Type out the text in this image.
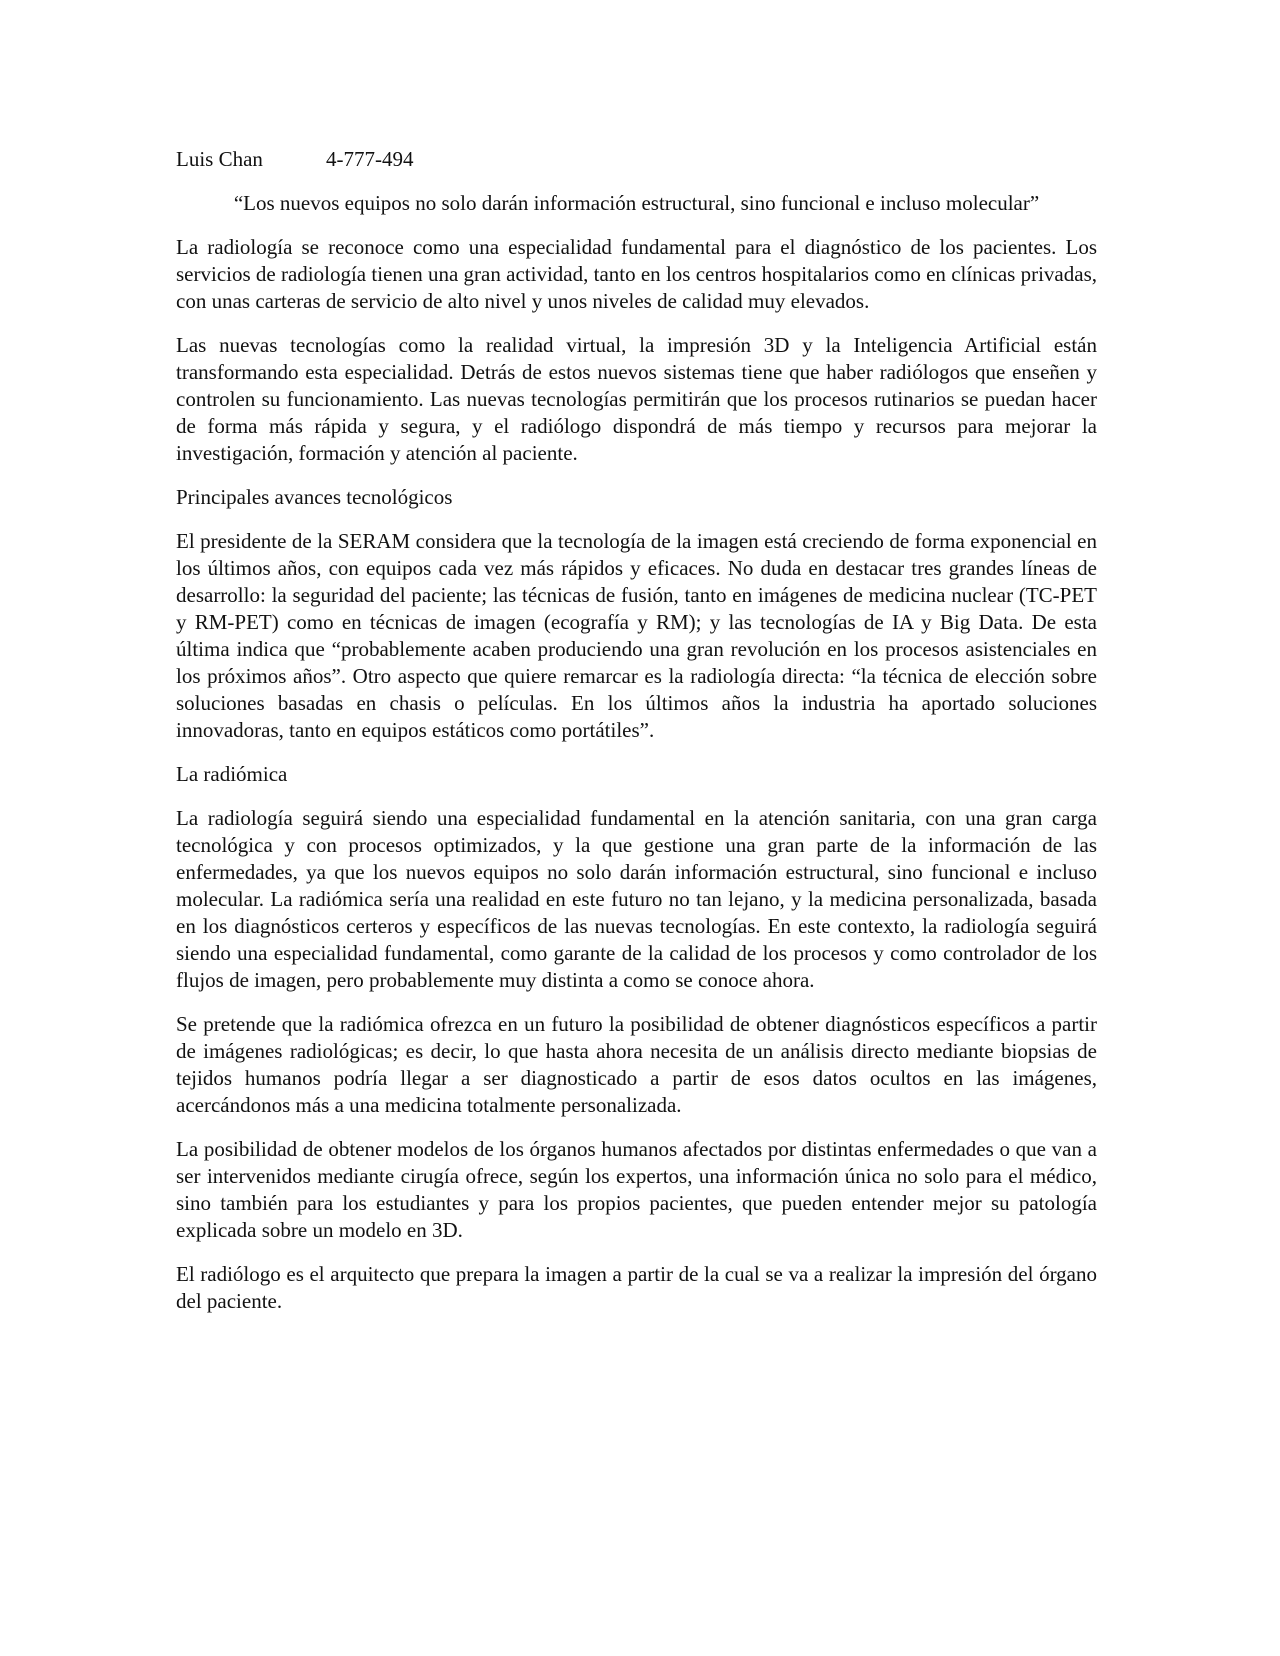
Luis Chan	4-777-494

“Los nuevos equipos no solo darán información estructural, sino funcional e incluso molecular”

La radiología se reconoce como una especialidad fundamental para el diagnóstico de los pacientes. Los servicios de radiología tienen una gran actividad, tanto en los centros hospitalarios como en clínicas privadas, con unas carteras de servicio de alto nivel y unos niveles de calidad muy elevados.

Las nuevas tecnologías como la realidad virtual, la impresión 3D y la Inteligencia Artificial están transformando esta especialidad. Detrás de estos nuevos sistemas tiene que haber radiólogos que enseñen y controlen su funcionamiento. Las nuevas tecnologías permitirán que los procesos rutinarios se puedan hacer de forma más rápida y segura, y el radiólogo dispondrá de más tiempo y recursos para mejorar la investigación, formación y atención al paciente.

Principales avances tecnológicos

El presidente de la SERAM considera que la tecnología de la imagen está creciendo de forma exponencial en los últimos años, con equipos cada vez más rápidos y eficaces. No duda en destacar tres grandes líneas de desarrollo: la seguridad del paciente; las técnicas de fusión, tanto en imágenes de medicina nuclear (TC-PET y RM-PET) como en técnicas de imagen (ecografía y RM); y las tecnologías de IA y Big Data. De esta última indica que “probablemente acaben produciendo una gran revolución en los procesos asistenciales en los próximos años”. Otro aspecto que quiere remarcar es la radiología directa: “la técnica de elección sobre soluciones basadas en chasis o películas. En los últimos años la industria ha aportado soluciones innovadoras, tanto en equipos estáticos como portátiles”.

La radiómica

La radiología seguirá siendo una especialidad fundamental en la atención sanitaria, con una gran carga tecnológica y con procesos optimizados, y la que gestione una gran parte de la información de las enfermedades, ya que los nuevos equipos no solo darán información estructural, sino funcional e incluso molecular. La radiómica sería una realidad en este futuro no tan lejano, y la medicina personalizada, basada en los diagnósticos certeros y específicos de las nuevas tecnologías. En este contexto, la radiología seguirá siendo una especialidad fundamental, como garante de la calidad de los procesos y como controlador de los flujos de imagen, pero probablemente muy distinta a como se conoce ahora.

Se pretende que la radiómica ofrezca en un futuro la posibilidad de obtener diagnósticos específicos a partir de imágenes radiológicas; es decir, lo que hasta ahora necesita de un análisis directo mediante biopsias de tejidos humanos podría llegar a ser diagnosticado a partir de esos datos ocultos en las imágenes, acercándonos más a una medicina totalmente personalizada.

La posibilidad de obtener modelos de los órganos humanos afectados por distintas enfermedades o que van a ser intervenidos mediante cirugía ofrece, según los expertos, una información única no solo para el médico, sino también para los estudiantes y para los propios pacientes, que pueden entender mejor su patología explicada sobre un modelo en 3D.

El radiólogo es el arquitecto que prepara la imagen a partir de la cual se va a realizar la impresión del órgano del paciente.
